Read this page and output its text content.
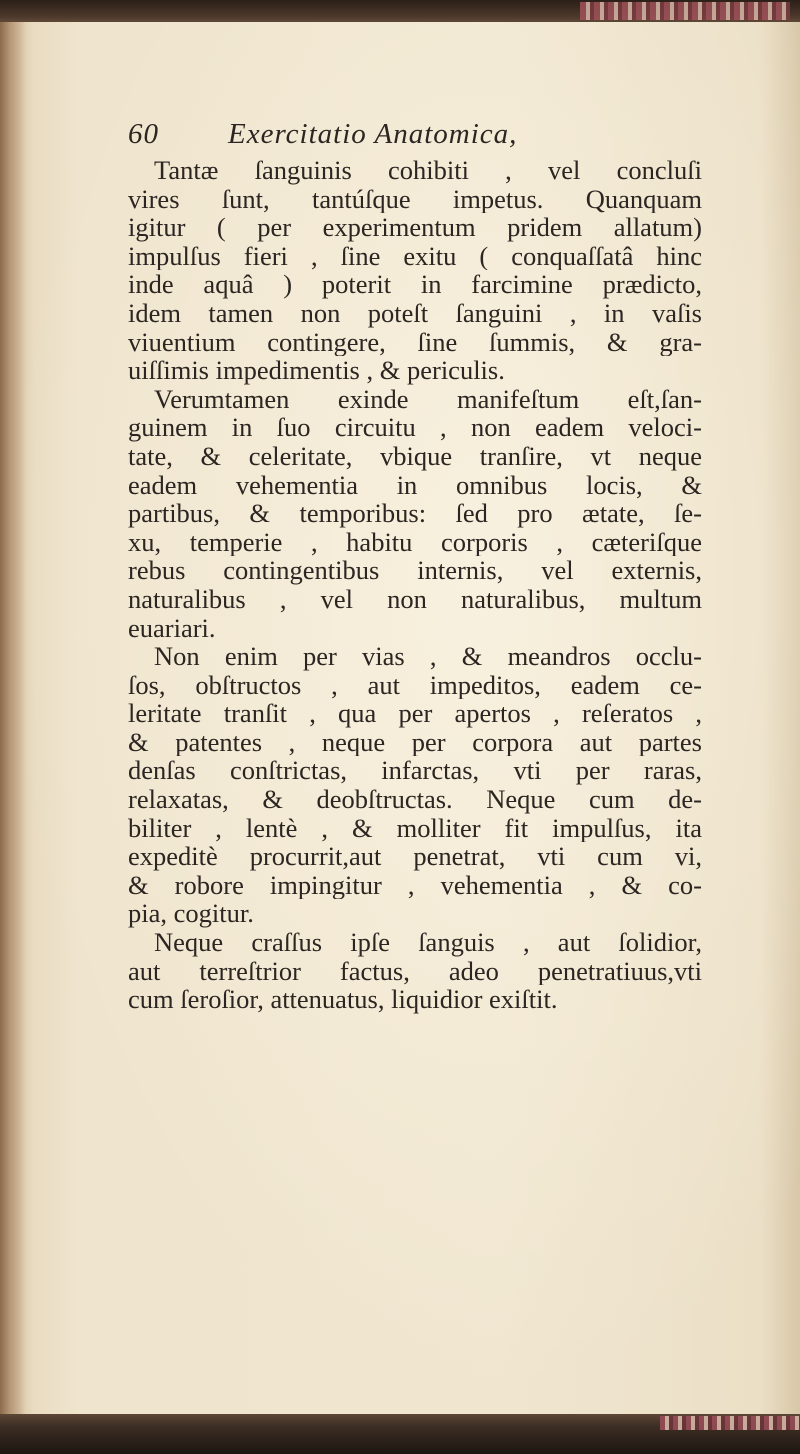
60	Exercitatio Anatomica,
Tantæ ſanguinis cohibiti , vel concluſi
vires ſunt, tantúſque impetus. Quanquam
igitur ( per experimentum pridem allatum)
impulſus fieri , ſine exitu ( conquaſſatâ hinc
inde aquâ ) poterit in farcimine prædicto,
idem tamen non poteſt ſanguini , in vaſis
viuentium contingere, ſine ſummis, & gra-
uiſſimis impedimentis , & periculis.
Verumtamen exinde manifeſtum eſt,ſan-
guinem in ſuo circuitu , non eadem veloci-
tate, & celeritate, vbique tranſire, vt neque
eadem vehementia in omnibus locis, &
partibus, & temporibus: ſed pro ætate, ſe-
xu, temperie , habitu corporis , cæteriſque
rebus contingentibus internis, vel externis,
naturalibus , vel non naturalibus, multum
euariari.
Non enim per vias , & meandros occlu-
ſos, obſtructos , aut impeditos, eadem ce-
leritate tranſit , qua per apertos , reſeratos ,
& patentes , neque per corpora aut partes
denſas conſtrictas, infarctas, vti per raras,
relaxatas, & deobſtructas. Neque cum de-
biliter , lentè , & molliter fit impulſus, ita
expeditè procurrit,aut penetrat, vti cum vi,
& robore impingitur , vehementia , & co-
pia, cogitur.
Neque craſſus ipſe ſanguis , aut ſolidior,
aut terreſtrior factus, adeo penetratiuus,vti
cum ſeroſior, attenuatus, liquidior exiſtit.
